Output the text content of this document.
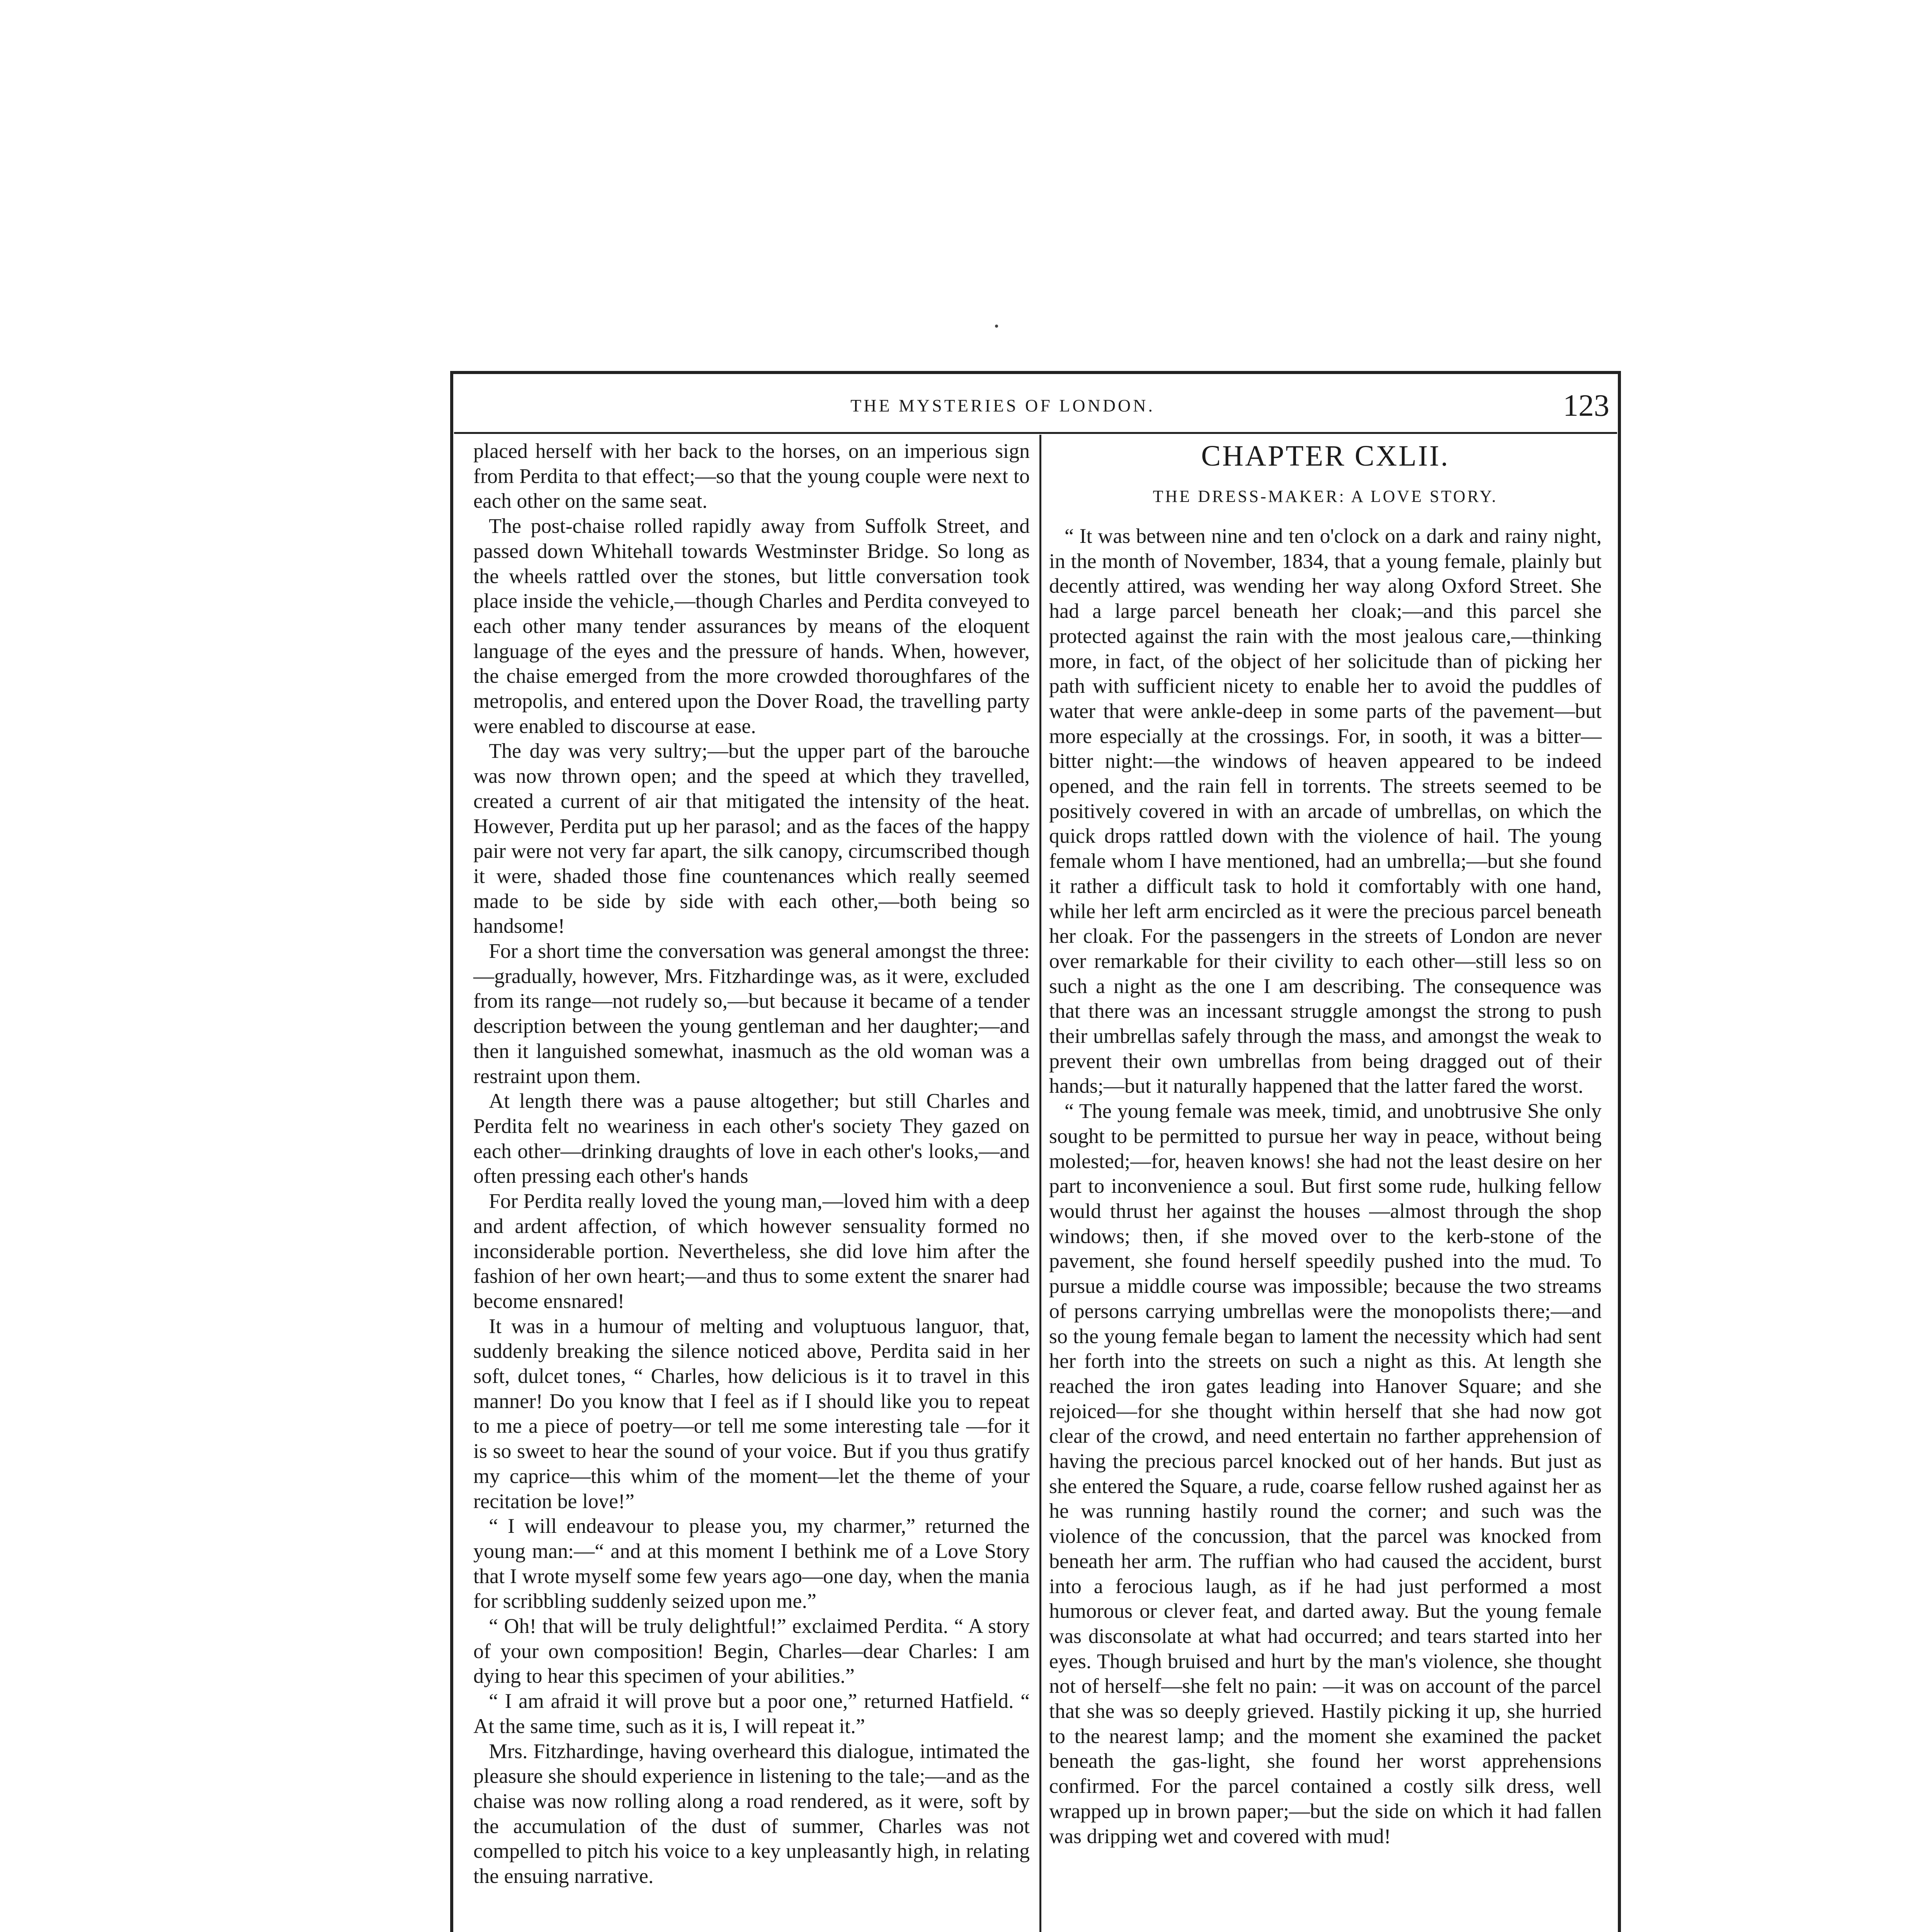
THE MYSTERIES OF LONDON.	123

placed herself with her back to the horses, on an imperious sign from Perdita to that effect;—so that the young couple were next to each other on the same seat.

The post-chaise rolled rapidly away from Suffolk Street, and passed down Whitehall towards Westminster Bridge. So long as the wheels rattled over the stones, but little conversation took place inside the vehicle,—though Charles and Perdita conveyed to each other many tender assurances by means of the eloquent language of the eyes and the pressure of hands. When, however, the chaise emerged from the more crowded thoroughfares of the metropolis, and entered upon the Dover Road, the travelling party were enabled to discourse at ease.

The day was very sultry;—but the upper part of the barouche was now thrown open; and the speed at which they travelled, created a current of air that mitigated the intensity of the heat. However, Perdita put up her parasol; and as the faces of the happy pair were not very far apart, the silk canopy, circumscribed though it were, shaded those fine countenances which really seemed made to be side by side with each other,—both being so handsome!

For a short time the conversation was general amongst the three:—gradually, however, Mrs. Fitzhardinge was, as it were, excluded from its range—not rudely so,—but because it became of a tender description between the young gentleman and her daughter;—and then it languished somewhat, inasmuch as the old woman was a restraint upon them.

At length there was a pause altogether; but still Charles and Perdita felt no weariness in each other's society They gazed on each other—drinking draughts of love in each other's looks,—and often pressing each other's hands

For Perdita really loved the young man,—loved him with a deep and ardent affection, of which however sensuality formed no inconsiderable portion. Nevertheless, she did love him after the fashion of her own heart;—and thus to some extent the snarer had become ensnared!

It was in a humour of melting and voluptuous languor, that, suddenly breaking the silence noticed above, Perdita said in her soft, dulcet tones, “ Charles, how delicious is it to travel in this manner! Do you know that I feel as if I should like you to repeat to me a piece of poetry—or tell me some interesting tale —for it is so sweet to hear the sound of your voice. But if you thus gratify my caprice—this whim of the moment—let the theme of your recitation be love!”

“ I will endeavour to please you, my charmer,” returned the young man:—“ and at this moment I bethink me of a Love Story that I wrote myself some few years ago—one day, when the mania for scribbling suddenly seized upon me.”

“ Oh! that will be truly delightful!” exclaimed Perdita. “ A story of your own composition! Begin, Charles—dear Charles: I am dying to hear this specimen of your abilities.”

“ I am afraid it will prove but a poor one,” returned Hatfield. “ At the same time, such as it is, I will repeat it.”

Mrs. Fitzhardinge, having overheard this dialogue, intimated the pleasure she should experience in listening to the tale;—and as the chaise was now rolling along a road rendered, as it were, soft by the accumulation of the dust of summer, Charles was not compelled to pitch his voice to a key unpleasantly high, in relating the ensuing narrative.

CHAPTER CXLII.
THE DRESS-MAKER: A LOVE STORY.

“ It was between nine and ten o'clock on a dark and rainy night, in the month of November, 1834, that a young female, plainly but decently attired, was wending her way along Oxford Street. She had a large parcel beneath her cloak;—and this parcel she protected against the rain with the most jealous care,—thinking more, in fact, of the object of her solicitude than of picking her path with sufficient nicety to enable her to avoid the puddles of water that were ankle-deep in some parts of the pavement—but more especially at the crossings. For, in sooth, it was a bitter—bitter night:—the windows of heaven appeared to be indeed opened, and the rain fell in torrents. The streets seemed to be positively covered in with an arcade of umbrellas, on which the quick drops rattled down with the violence of hail. The young female whom I have mentioned, had an umbrella;—but she found it rather a difficult task to hold it comfortably with one hand, while her left arm encircled as it were the precious parcel beneath her cloak. For the passengers in the streets of London are never over remarkable for their civility to each other—still less so on such a night as the one I am describing. The consequence was that there was an incessant struggle amongst the strong to push their umbrellas safely through the mass, and amongst the weak to prevent their own umbrellas from being dragged out of their hands;—but it naturally happened that the latter fared the worst.

“ The young female was meek, timid, and unobtrusive She only sought to be permitted to pursue her way in peace, without being molested;—for, heaven knows! she had not the least desire on her part to inconvenience a soul. But first some rude, hulking fellow would thrust her against the houses —almost through the shop windows; then, if she moved over to the kerb-stone of the pavement, she found herself speedily pushed into the mud. To pursue a middle course was impossible; because the two streams of persons carrying umbrellas were the monopolists there;—and so the young female began to lament the necessity which had sent her forth into the streets on such a night as this. At length she reached the iron gates leading into Hanover Square; and she rejoiced—for she thought within herself that she had now got clear of the crowd, and need entertain no farther apprehension of having the precious parcel knocked out of her hands. But just as she entered the Square, a rude, coarse fellow rushed against her as he was running hastily round the corner; and such was the violence of the concussion, that the parcel was knocked from beneath her arm. The ruffian who had caused the accident, burst into a ferocious laugh, as if he had just performed a most humorous or clever feat, and darted away. But the young female was disconsolate at what had occurred; and tears started into her eyes. Though bruised and hurt by the man's violence, she thought not of herself—she felt no pain: —it was on account of the parcel that she was so deeply grieved. Hastily picking it up, she hurried to the nearest lamp; and the moment she examined the packet beneath the gas-light, she found her worst apprehensions confirmed. For the parcel contained a costly silk dress, well wrapped up in brown paper;—but the side on which it had fallen was dripping wet and covered with mud!
